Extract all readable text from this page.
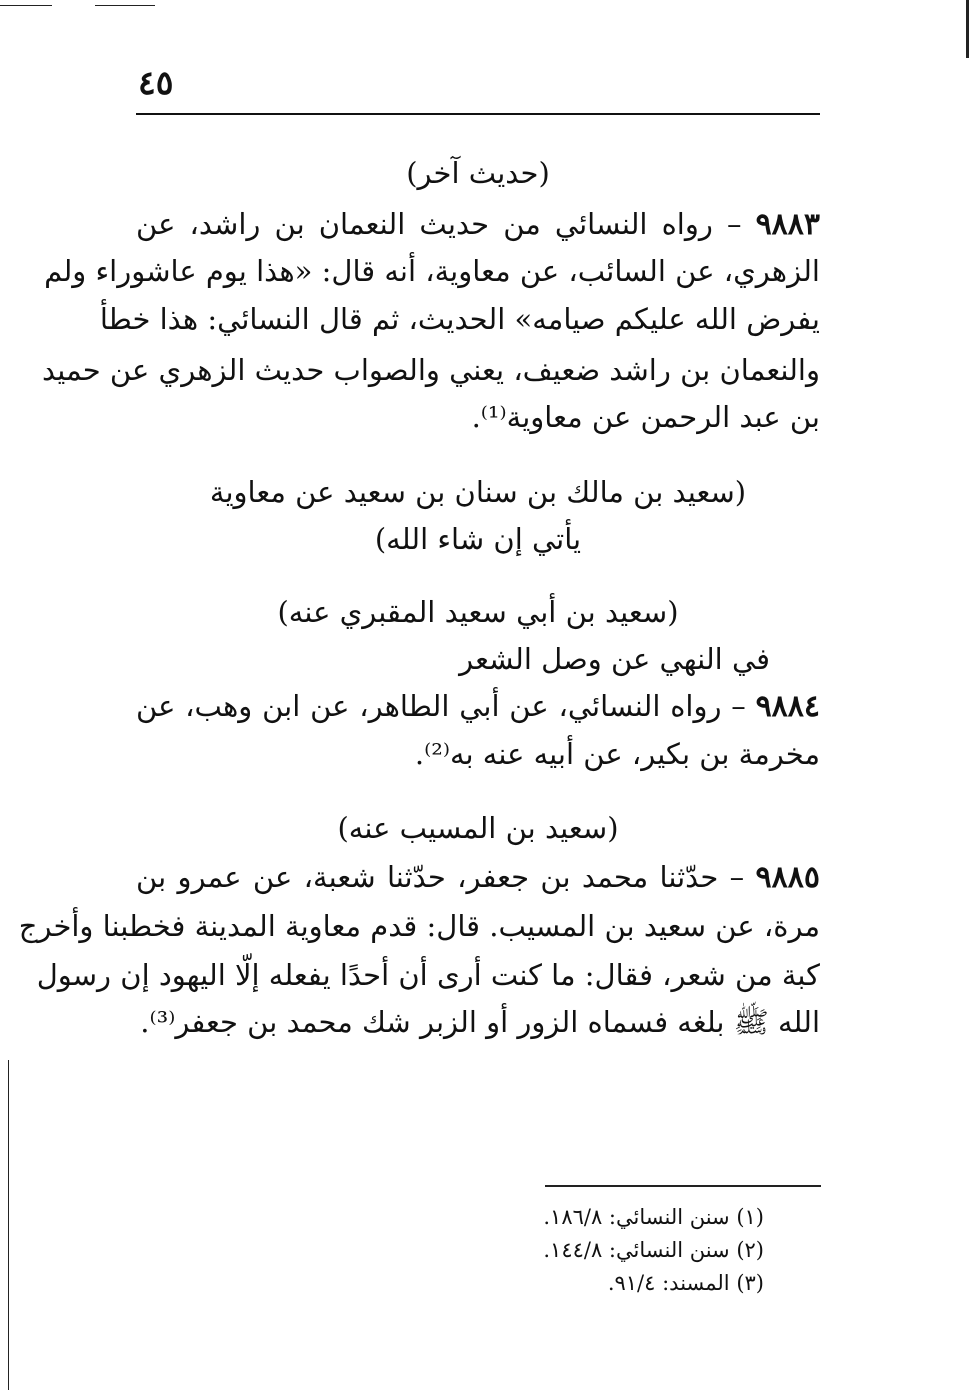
٤٥
(حديث آخر)
٩٨٨٣ – رواه النسائي من حديث النعمان بن راشد، عن
الزهري، عن السائب، عن معاوية، أنه قال: «هذا يوم عاشوراء ولم
يفرض الله عليكم صيامه» الحديث، ثم قال النسائي: هذا خطأ
والنعمان بن راشد ضعيف، يعني والصواب حديث الزهري عن حميد
بن عبد الرحمن عن معاوية⁽¹⁾.
(سعيد بن مالك بن سنان بن سعيد عن معاوية
يأتي إن شاء الله)
(سعيد بن أبي سعيد المقبري عنه)
في النهي عن وصل الشعر
٩٨٨٤ – رواه النسائي، عن أبي الطاهر، عن ابن وهب، عن
مخرمة بن بكير، عن أبيه عنه به⁽²⁾.
(سعيد بن المسيب عنه)
٩٨٨٥ – حدّثنا محمد بن جعفر، حدّثنا شعبة، عن عمرو بن
مرة، عن سعيد بن المسيب. قال: قدم معاوية المدينة فخطبنا وأخرج
كبة من شعر، فقال: ما كنت أرى أن أحدًا يفعله إلّا اليهود إن رسول
الله ﷺ بلغه فسماه الزور أو الزبر شك محمد بن جعفر⁽³⁾.
(١) سنن النسائي: ١٨٦/٨.
(٢) سنن النسائي: ١٤٤/٨.
(٣) المسند: ٩١/٤.
